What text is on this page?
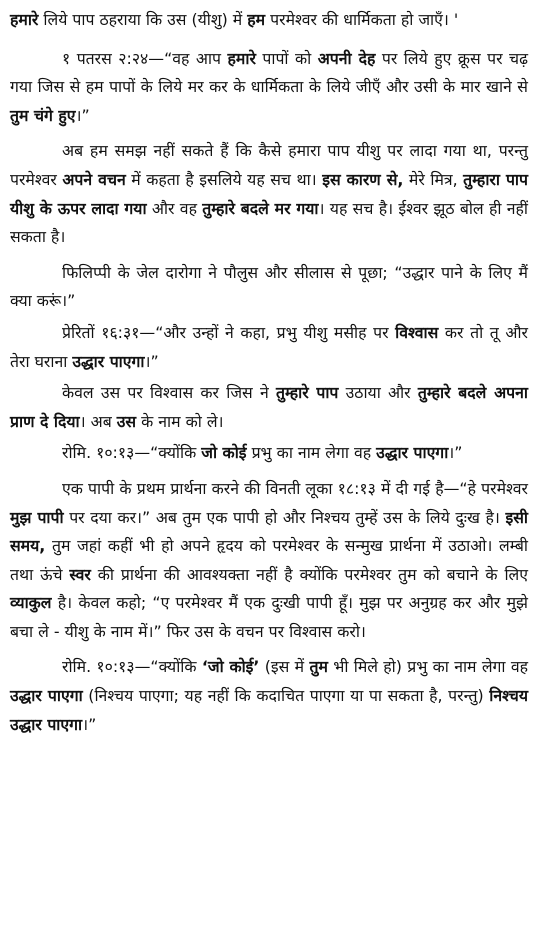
हमारे लिये पाप ठहराया कि उस (यीशु) में हम परमेश्वर की धार्मिकता हो जाएँ। '

१ पतरस २:२४—“वह आप हमारे पापों को अपनी देह पर लिये हुए क्रूस पर चढ़ गया जिस से हम पापों के लिये मर कर के धार्मिकता के लिये जीएँ और उसी के मार खाने से तुम चंगे हुए।”

अब हम समझ नहीं सकते हैं कि कैसे हमारा पाप यीशु पर लादा गया था, परन्तु परमेश्वर अपने वचन में कहता है इसलिये यह सच था। इस कारण से, मेरे मित्र, तुम्हारा पाप यीशु के ऊपर लादा गया और वह तुम्हारे बदले मर गया। यह सच है। ईश्वर झूठ बोल ही नहीं सकता है।

फिलिप्पी के जेल दारोगा ने पौलुस और सीलास से पूछा; “उद्धार पाने के लिए मैं क्या करूं।”

प्रेरितों १६:३१—“और उन्हों ने कहा, प्रभु यीशु मसीह पर विश्वास कर तो तू और तेरा घराना उद्धार पाएगा।”

केवल उस पर विश्वास कर जिस ने तुम्हारे पाप उठाया और तुम्हारे बदले अपना प्राण दे दिया। अब उस के नाम को ले।

रोमि. १०:१३—“क्योंकि जो कोई प्रभु का नाम लेगा वह उद्धार पाएगा।”

एक पापी के प्रथम प्रार्थना करने की विनती लूका १८:१३ में दी गई है—“हे परमेश्वर मुझ पापी पर दया कर।” अब तुम एक पापी हो और निश्चय तुम्हें उस के लिये दुःख है। इसी समय, तुम जहां कहीं भी हो अपने हृदय को परमेश्वर के सन्मुख प्रार्थना में उठाओ। लम्बी तथा ऊंचे स्वर की प्रार्थना की आवश्यक्ता नहीं है क्योंकि परमेश्वर तुम को बचाने के लिए व्याकुल है। केवल कहो; “ए परमेश्वर मैं एक दुःखी पापी हूँ। मुझ पर अनुग्रह कर और मुझे बचा ले - यीशु के नाम में।” फिर उस के वचन पर विश्वास करो।

रोमि. १०:१३—“क्योंकि ‘जो कोई’ (इस में तुम भी मिले हो) प्रभु का नाम लेगा वह उद्धार पाएगा (निश्चय पाएगा; यह नहीं कि कदाचित पाएगा या पा सकता है, परन्तु) निश्चय उद्धार पाएगा।”
